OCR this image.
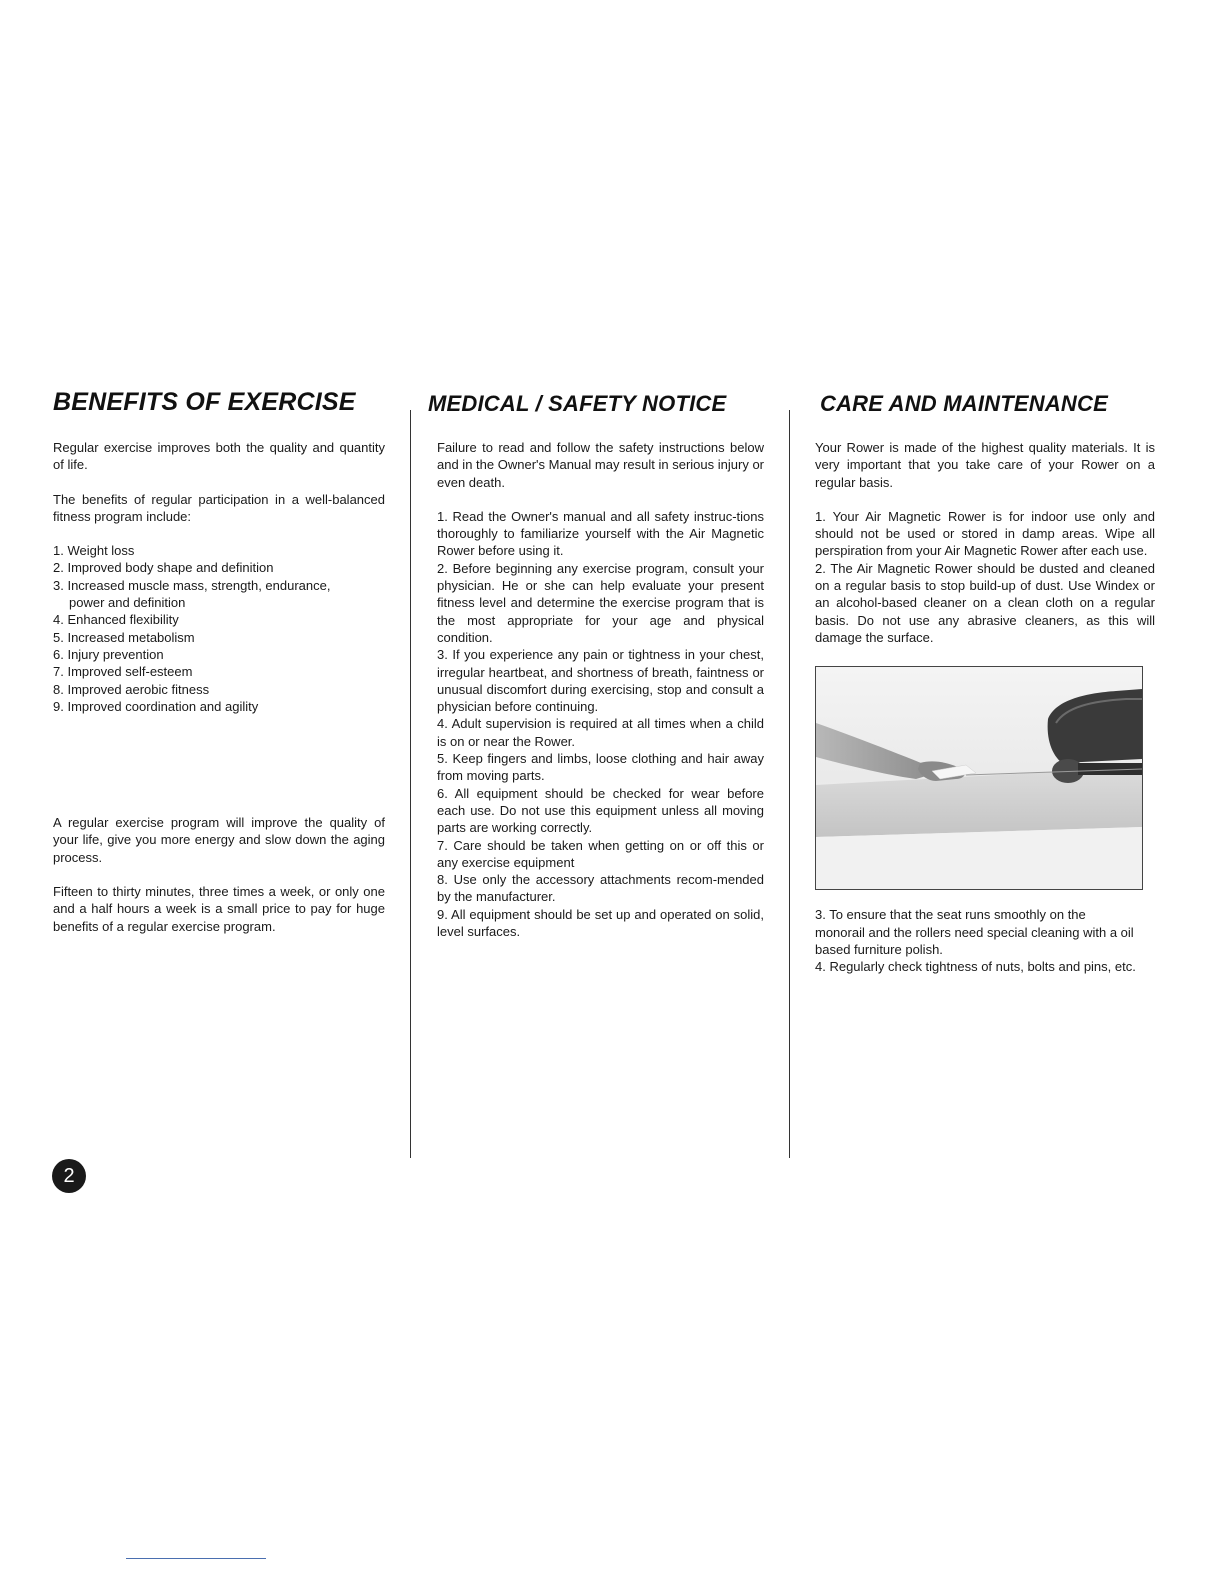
BENEFITS OF EXERCISE

Regular exercise improves both the quality and quantity of life.

The benefits of regular participation in a well-balanced fitness program include:

1. Weight loss
2. Improved body shape and definition
3. Increased muscle mass, strength, endurance,
power and definition
4. Enhanced flexibility
5. Increased metabolism
6. Injury prevention
7. Improved self-esteem
8. Improved aerobic fitness
9. Improved coordination and agility

A regular exercise program will improve the quality of your life, give you more energy and slow down the aging process.

Fifteen to thirty minutes, three times a week, or only one and a half hours a week is a small price to pay for huge benefits of a regular exercise program.

MEDICAL / SAFETY NOTICE

Failure to read and follow the safety instructions below and in the Owner's Manual may result in serious injury or even death.

1. Read the Owner's manual and all safety instruc-tions thoroughly to familiarize yourself with the Air Magnetic Rower before using it.

2. Before beginning any exercise program, consult your physician. He or she can help evaluate your present fitness level and determine the exercise program that is the most appropriate for your age and physical condition.

3. If you experience any pain or tightness in your chest, irregular heartbeat, and shortness of breath, faintness or unusual discomfort during exercising, stop and consult a physician before continuing.

4. Adult supervision is required at all times when a child is on or near the Rower.

5. Keep fingers and limbs, loose clothing and hair away from moving parts.

6. All equipment should be checked for wear before each use. Do not use this equipment unless all moving parts are working correctly.

7. Care should be taken when getting on or off this or any exercise equipment

8. Use only the accessory attachments recom-mended by the manufacturer.

9. All equipment should be set up and operated on solid, level surfaces.

CARE AND MAINTENANCE

Your Rower is made of the highest quality materials. It is very important that you take care of your Rower on a regular basis.

1. Your Air Magnetic Rower is for indoor use only and should not be used or stored in damp areas. Wipe all perspiration from your Air Magnetic Rower after each use.

2. The Air Magnetic Rower should be dusted and cleaned on a regular basis to stop build-up of dust. Use Windex or an alcohol-based cleaner on a clean cloth on a regular basis. Do not use any abrasive cleaners, as this will damage the surface.

3. To ensure that the seat runs smoothly on the monorail and the rollers need special cleaning with a oil based furniture polish.

4. Regularly check tightness of nuts, bolts and pins, etc.

2
